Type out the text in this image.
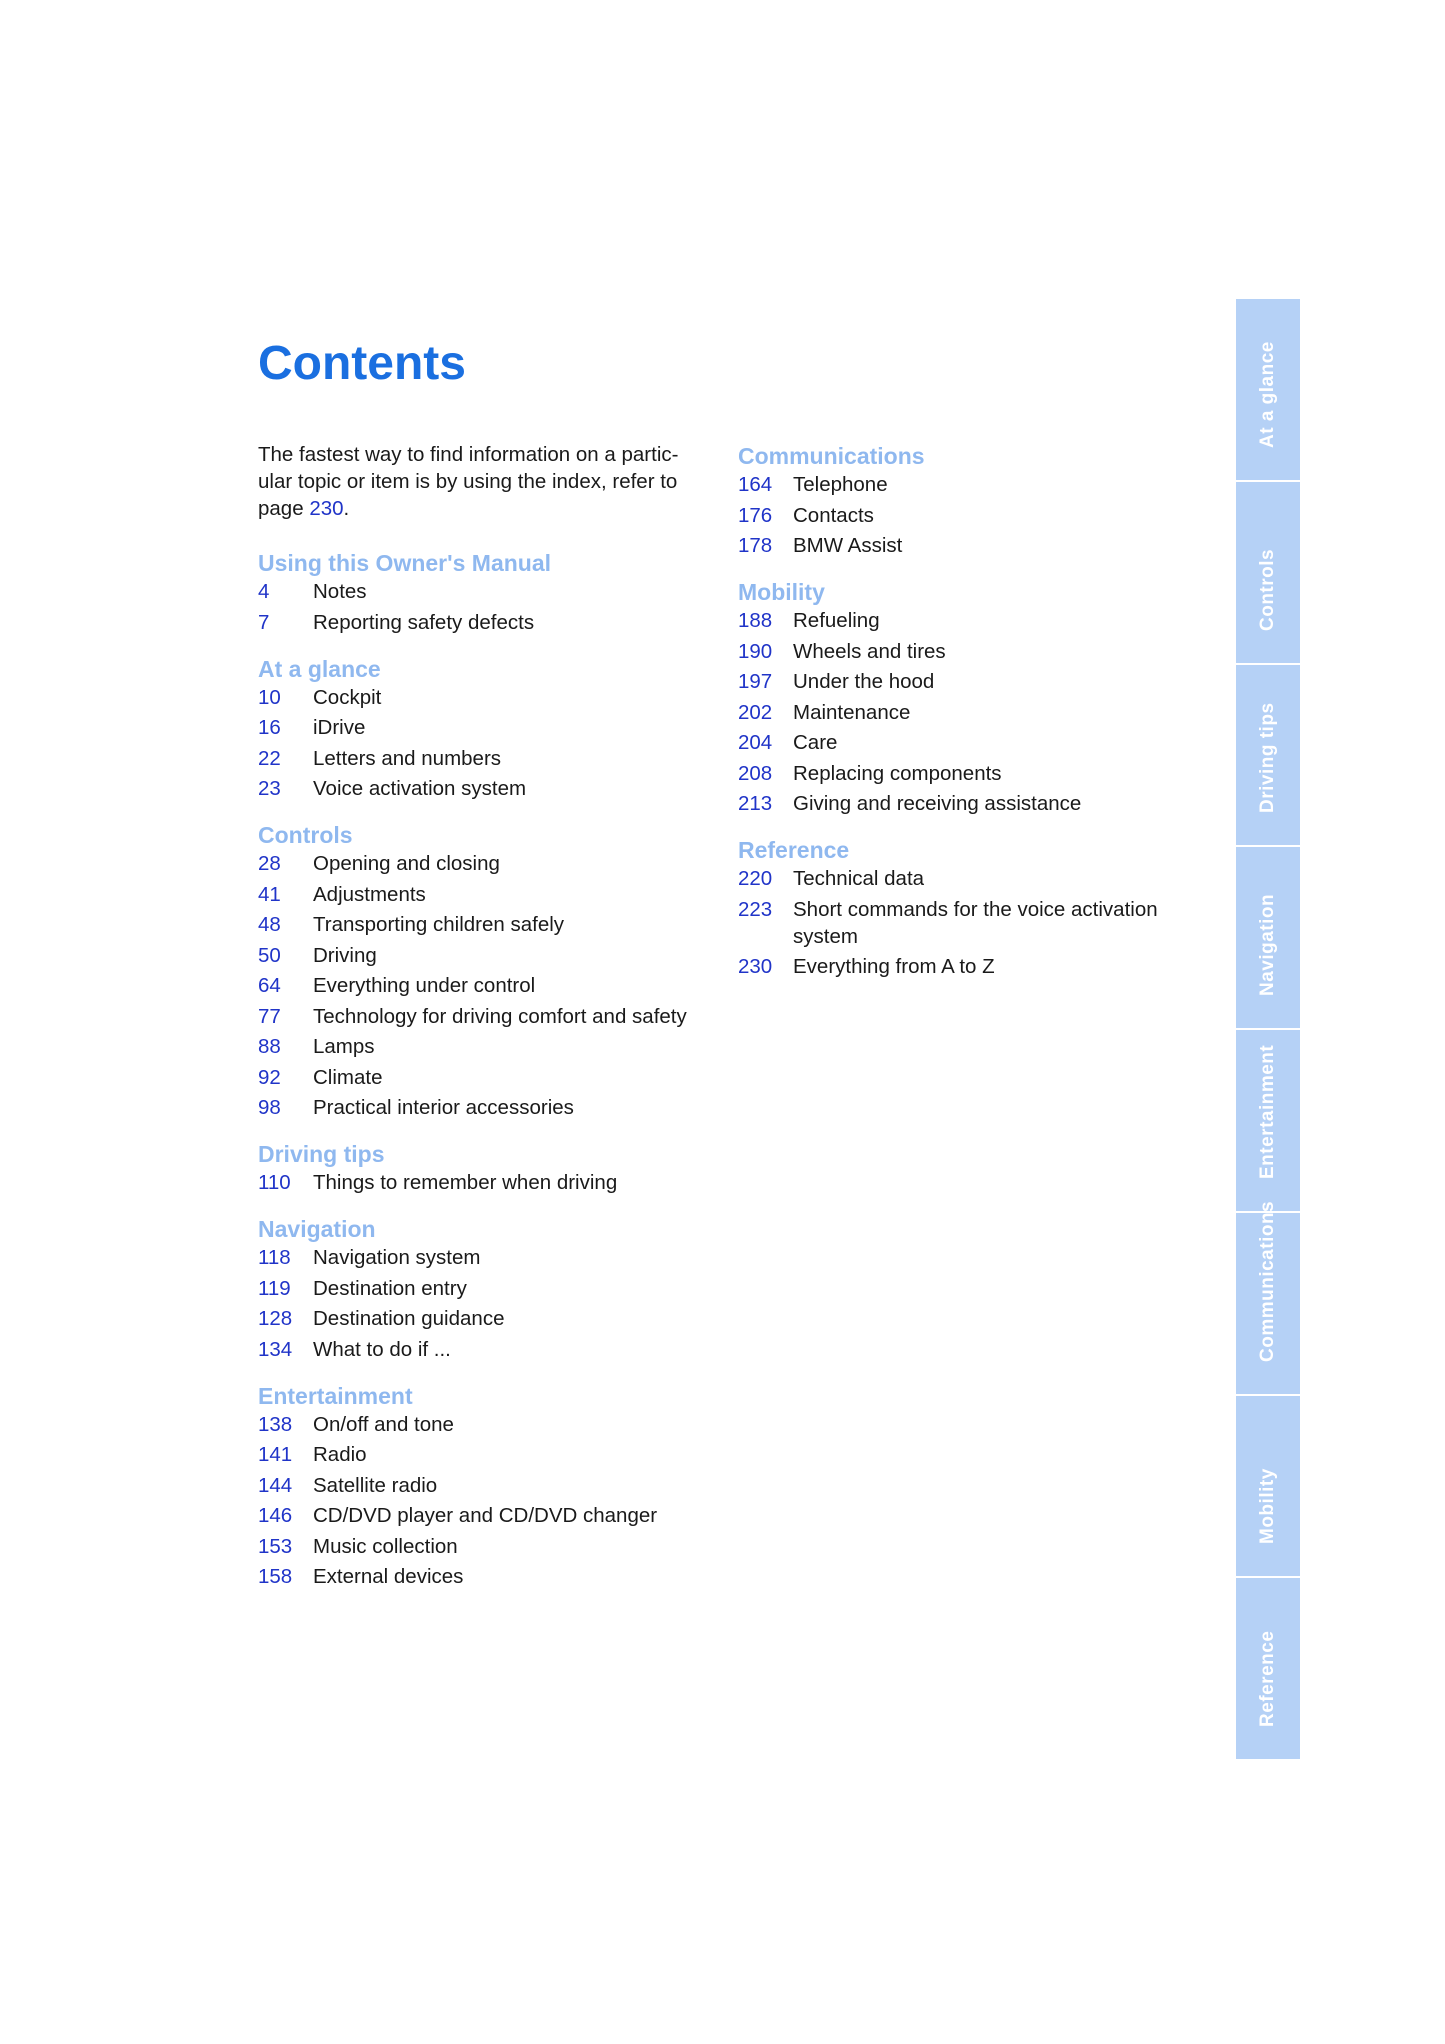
Contents

The fastest way to find information on a partic-
ular topic or item is by using the index, refer to
page 230.

Using this Owner's Manual
4	Notes
7	Reporting safety defects
At a glance
10	Cockpit
16	iDrive
22	Letters and numbers
23	Voice activation system
Controls
28	Opening and closing
41	Adjustments
48	Transporting children safely
50	Driving
64	Everything under control
77	Technology for driving comfort and safety
88	Lamps
92	Climate
98	Practical interior accessories
Driving tips
110	Things to remember when driving
Navigation
118	Navigation system
119	Destination entry
128	Destination guidance
134	What to do if ...
Entertainment
138	On/off and tone
141	Radio
144	Satellite radio
146	CD/DVD player and CD/DVD changer
153	Music collection
158	External devices
Communications
164	Telephone
176	Contacts
178	BMW Assist
Mobility
188	Refueling
190	Wheels and tires
197	Under the hood
202	Maintenance
204	Care
208	Replacing components
213	Giving and receiving assistance
Reference
220	Technical data
223	Short commands for the voice activation system
230	Everything from A to Z
At a glance
Controls
Driving tips
Navigation
Entertainment
Communications
Mobility
Reference
